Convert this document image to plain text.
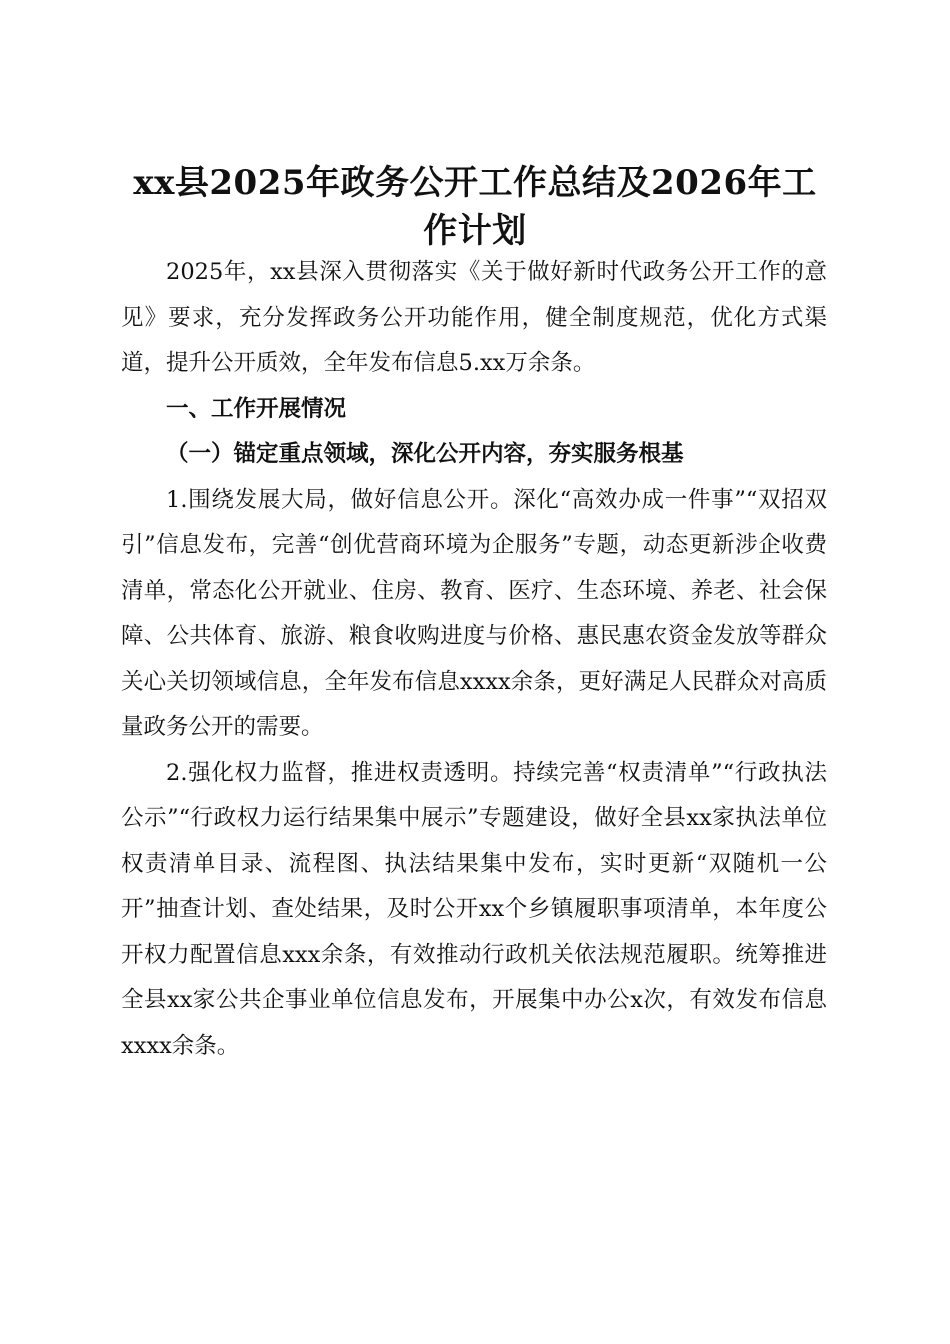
xx县2025年政务公开工作总结及2026年工作计划

2025年，xx县深入贯彻落实《关于做好新时代政务公开工作的意见》要求，充分发挥政务公开功能作用，健全制度规范，优化方式渠道，提升公开质效，全年发布信息5.xx万余条。

一、工作开展情况

（一）锚定重点领域，深化公开内容，夯实服务根基

1.围绕发展大局，做好信息公开。深化“高效办成一件事”“双招双引”信息发布，完善“创优营商环境为企服务”专题，动态更新涉企收费清单，常态化公开就业、住房、教育、医疗、生态环境、养老、社会保障、公共体育、旅游、粮食收购进度与价格、惠民惠农资金发放等群众关心关切领域信息，全年发布信息xxxx余条，更好满足人民群众对高质量政务公开的需要。

2.强化权力监督，推进权责透明。持续完善“权责清单”“行政执法公示”“行政权力运行结果集中展示”专题建设，做好全县xx家执法单位权责清单目录、流程图、执法结果集中发布，实时更新“双随机一公开”抽查计划、查处结果，及时公开xx个乡镇履职事项清单，本年度公开权力配置信息xxx余条，有效推动行政机关依法规范履职。统筹推进全县xx家公共企事业单位信息发布，开展集中办公x次，有效发布信息xxxx余条。
